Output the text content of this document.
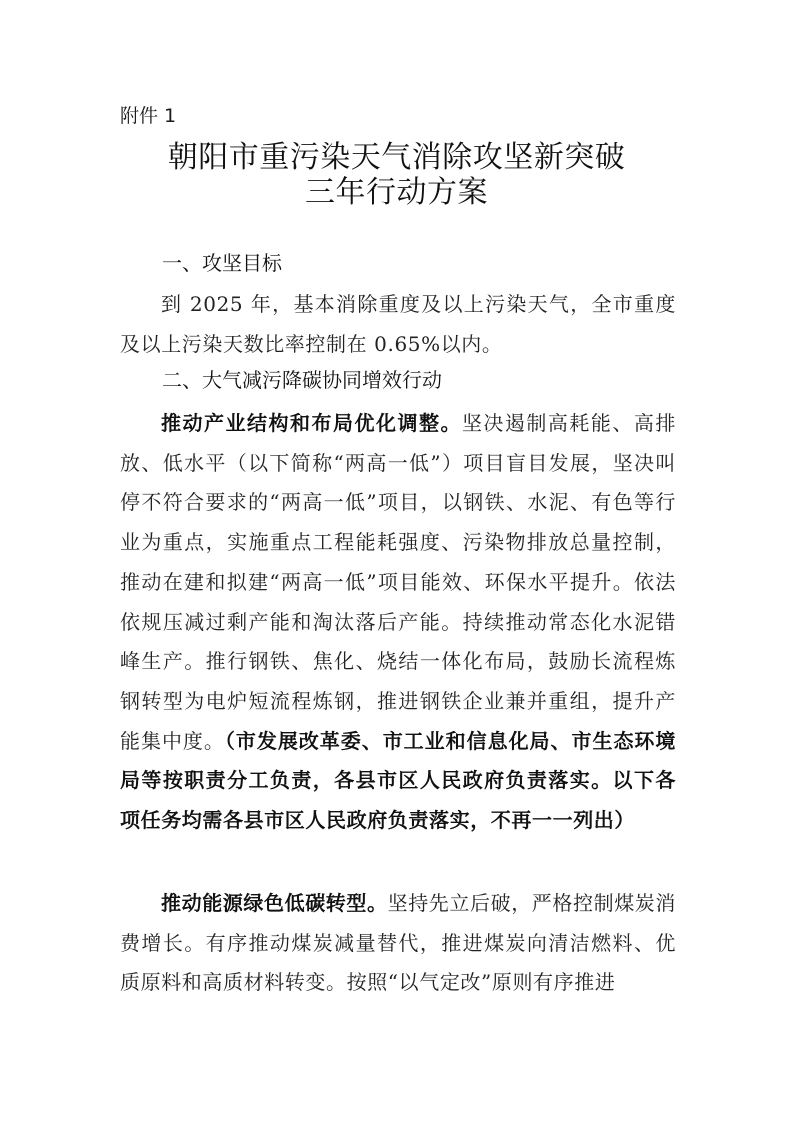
附件 1
朝阳市重污染天气消除攻坚新突破
三年行动方案
一、攻坚目标
到 2025 年，基本消除重度及以上污染天气，全市重度及以上污染天数比率控制在 0.65%以内。
二、大气减污降碳协同增效行动
推动产业结构和布局优化调整。坚决遏制高耗能、高排放、低水平（以下简称“两高一低”）项目盲目发展，坚决叫停不符合要求的“两高一低”项目，以钢铁、水泥、有色等行业为重点，实施重点工程能耗强度、污染物排放总量控制，推动在建和拟建“两高一低”项目能效、环保水平提升。依法依规压减过剩产能和淘汰落后产能。持续推动常态化水泥错峰生产。推行钢铁、焦化、烧结一体化布局，鼓励长流程炼钢转型为电炉短流程炼钢，推进钢铁企业兼并重组，提升产能集中度。（市发展改革委、市工业和信息化局、市生态环境局等按职责分工负责，各县市区人民政府负责落实。以下各项任务均需各县市区人民政府负责落实，不再一一列出）
推动能源绿色低碳转型。坚持先立后破，严格控制煤炭消费增长。有序推动煤炭减量替代，推进煤炭向清洁燃料、优质原料和高质材料转变。按照“以气定改”原则有序推进
